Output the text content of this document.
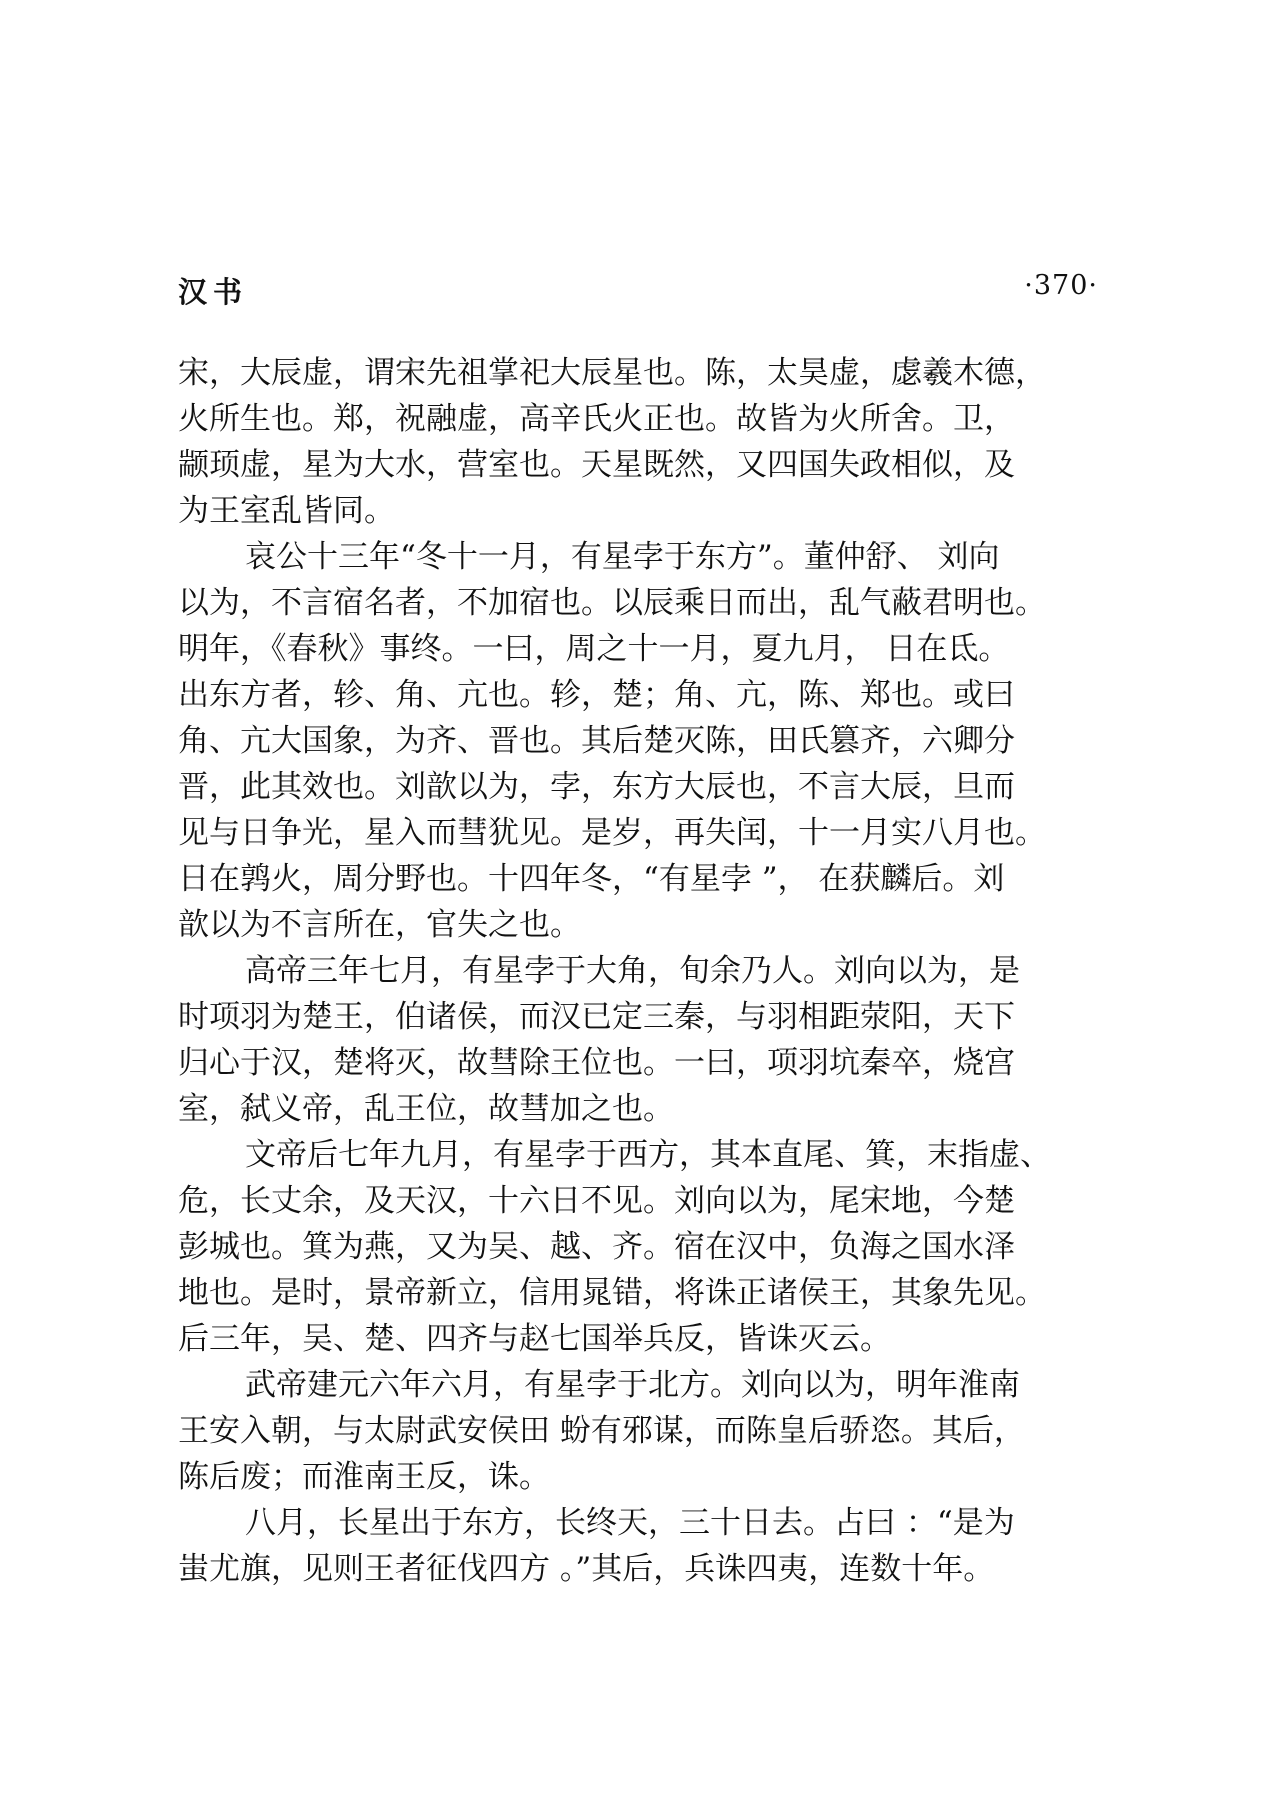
汉书	·370·
宋，大辰虚，谓宋先祖掌祀大辰星也。陈，太昊虚，虙羲木德，
火所生也。郑，祝融虚，高辛氏火正也。故皆为火所舍。卫，
颛顼虚，星为大水，营室也。天星既然，又四国失政相似，及
为王室乱皆同。
哀公十三年“冬十一月，有星孛于东方”。董仲舒、 刘向
以为，不言宿名者，不加宿也。以辰乘日而出，乱气蔽君明也。
明年，《春秋》事终。一曰，周之十一月，夏九月， 日在氐。
出东方者，轸、角、亢也。轸，楚；角、亢，陈、郑也。或曰
角、亢大国象，为齐、晋也。其后楚灭陈，田氏篡齐，六卿分
晋，此其效也。刘歆以为，孛，东方大辰也，不言大辰，旦而
见与日争光，星入而彗犹见。是岁，再失闰，十一月实八月也。
日在鹑火，周分野也。十四年冬，“有星孛 ”， 在获麟后。刘
歆以为不言所在，官失之也。
高帝三年七月，有星孛于大角，旬余乃人。刘向以为，是
时项羽为楚王，伯诸侯，而汉已定三秦，与羽相距荥阳，天下
归心于汉，楚将灭，故彗除王位也。一曰，项羽坑秦卒，烧宫
室，弑义帝，乱王位，故彗加之也。
文帝后七年九月，有星孛于西方，其本直尾、箕，末指虚、
危，长丈余，及天汉，十六日不见。刘向以为，尾宋地，今楚
彭城也。箕为燕，又为吴、越、齐。宿在汉中，负海之国水泽
地也。是时，景帝新立，信用晁错，将诛正诸侯王，其象先见。
后三年，吴、楚、四齐与赵七国举兵反，皆诛灭云。
武帝建元六年六月，有星孛于北方。刘向以为，明年淮南
王安入朝，与太尉武安侯田 蚡有邪谋，而陈皇后骄恣。其后，
陈后废；而淮南王反，诛。
八月，长星出于东方，长终天，三十日去。占曰 ：“是为
蚩尤旗，见则王者征伐四方 。”其后，兵诛四夷，连数十年。
